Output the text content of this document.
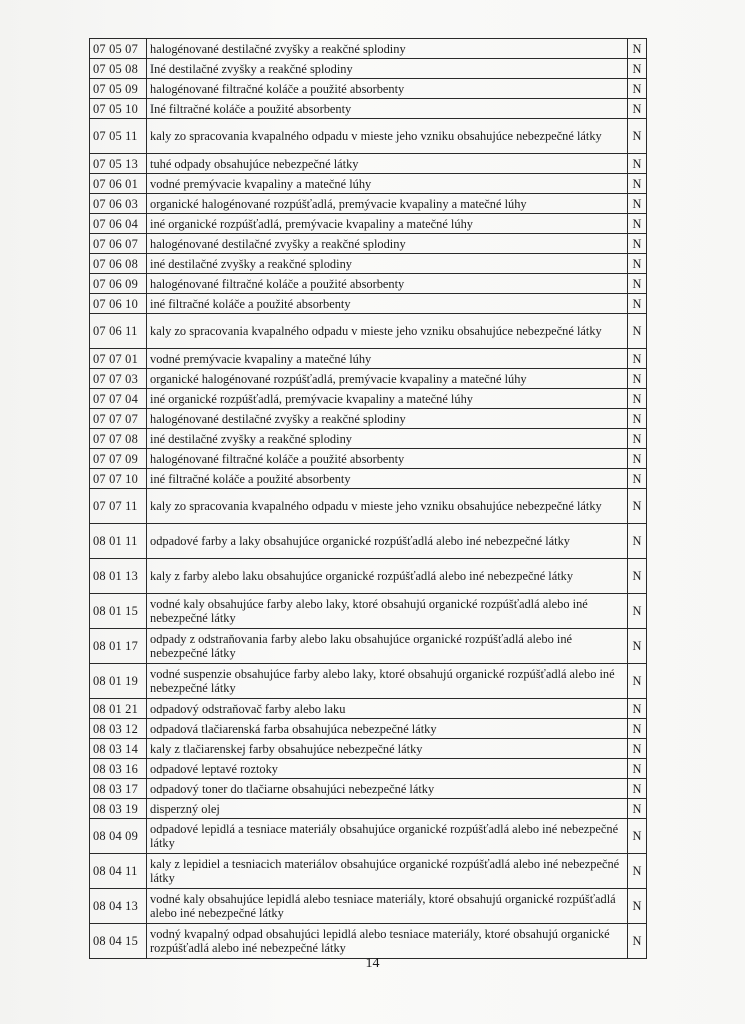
07 05 07	halogénované destilačné zvyšky a reakčné splodiny	N
07 05 08	Iné destilačné zvyšky a reakčné splodiny	N
07 05 09	halogénované filtračné koláče a použité absorbenty	N
07 05 10	Iné filtračné koláče a použité absorbenty	N
07 05 11	kaly zo spracovania kvapalného odpadu v mieste jeho vzniku obsahujúce nebezpečné látky	N
07 05 13	tuhé odpady obsahujúce nebezpečné látky	N
07 06 01	vodné premývacie kvapaliny a matečné lúhy	N
07 06 03	organické halogénované rozpúšťadlá, premývacie kvapaliny a matečné lúhy	N
07 06 04	iné organické rozpúšťadlá, premývacie kvapaliny a matečné lúhy	N
07 06 07	halogénované destilačné zvyšky a reakčné splodiny	N
07 06 08	iné destilačné zvyšky a reakčné splodiny	N
07 06 09	halogénované filtračné koláče a použité absorbenty	N
07 06 10	iné filtračné koláče a použité absorbenty	N
07 06 11	kaly zo spracovania kvapalného odpadu v mieste jeho vzniku obsahujúce nebezpečné látky	N
07 07 01	vodné premývacie kvapaliny a matečné lúhy	N
07 07 03	organické halogénované rozpúšťadlá, premývacie kvapaliny a matečné lúhy	N
07 07 04	iné organické rozpúšťadlá, premývacie kvapaliny a matečné lúhy	N
07 07 07	halogénované destilačné zvyšky a reakčné splodiny	N
07 07 08	iné destilačné zvyšky a reakčné splodiny	N
07 07 09	halogénované filtračné koláče a použité absorbenty	N
07 07 10	iné filtračné koláče a použité absorbenty	N
07 07 11	kaly zo spracovania kvapalného odpadu v mieste jeho vzniku obsahujúce nebezpečné látky	N
08 01 11	odpadové farby a laky obsahujúce organické rozpúšťadlá alebo iné nebezpečné látky	N
08 01 13	kaly z farby alebo laku obsahujúce organické rozpúšťadlá alebo iné nebezpečné látky	N
08 01 15	vodné kaly obsahujúce farby alebo laky, ktoré obsahujú organické rozpúšťadlá alebo iné nebezpečné látky	N
08 01 17	odpady z odstraňovania farby alebo laku obsahujúce organické rozpúšťadlá alebo iné nebezpečné látky	N
08 01 19	vodné suspenzie obsahujúce farby alebo laky, ktoré obsahujú organické rozpúšťadlá alebo iné nebezpečné látky	N
08 01 21	odpadový odstraňovač farby alebo laku	N
08 03 12	odpadová tlačiarenská farba obsahujúca nebezpečné látky	N
08 03 14	kaly z tlačiarenskej farby obsahujúce nebezpečné látky	N
08 03 16	odpadové leptavé roztoky	N
08 03 17	odpadový toner do tlačiarne obsahujúci nebezpečné látky	N
08 03 19	disperzný olej	N
08 04 09	odpadové lepidlá a tesniace materiály obsahujúce organické rozpúšťadlá alebo iné nebezpečné látky	N
08 04 11	kaly z lepidiel a tesniacich materiálov obsahujúce organické rozpúšťadlá alebo iné nebezpečné látky	N
08 04 13	vodné kaly obsahujúce lepidlá alebo tesniace materiály, ktoré obsahujú organické rozpúšťadlá alebo iné nebezpečné látky	N
08 04 15	vodný kvapalný odpad obsahujúci lepidlá alebo tesniace materiály, ktoré obsahujú organické rozpúšťadlá alebo iné nebezpečné látky	N
14
